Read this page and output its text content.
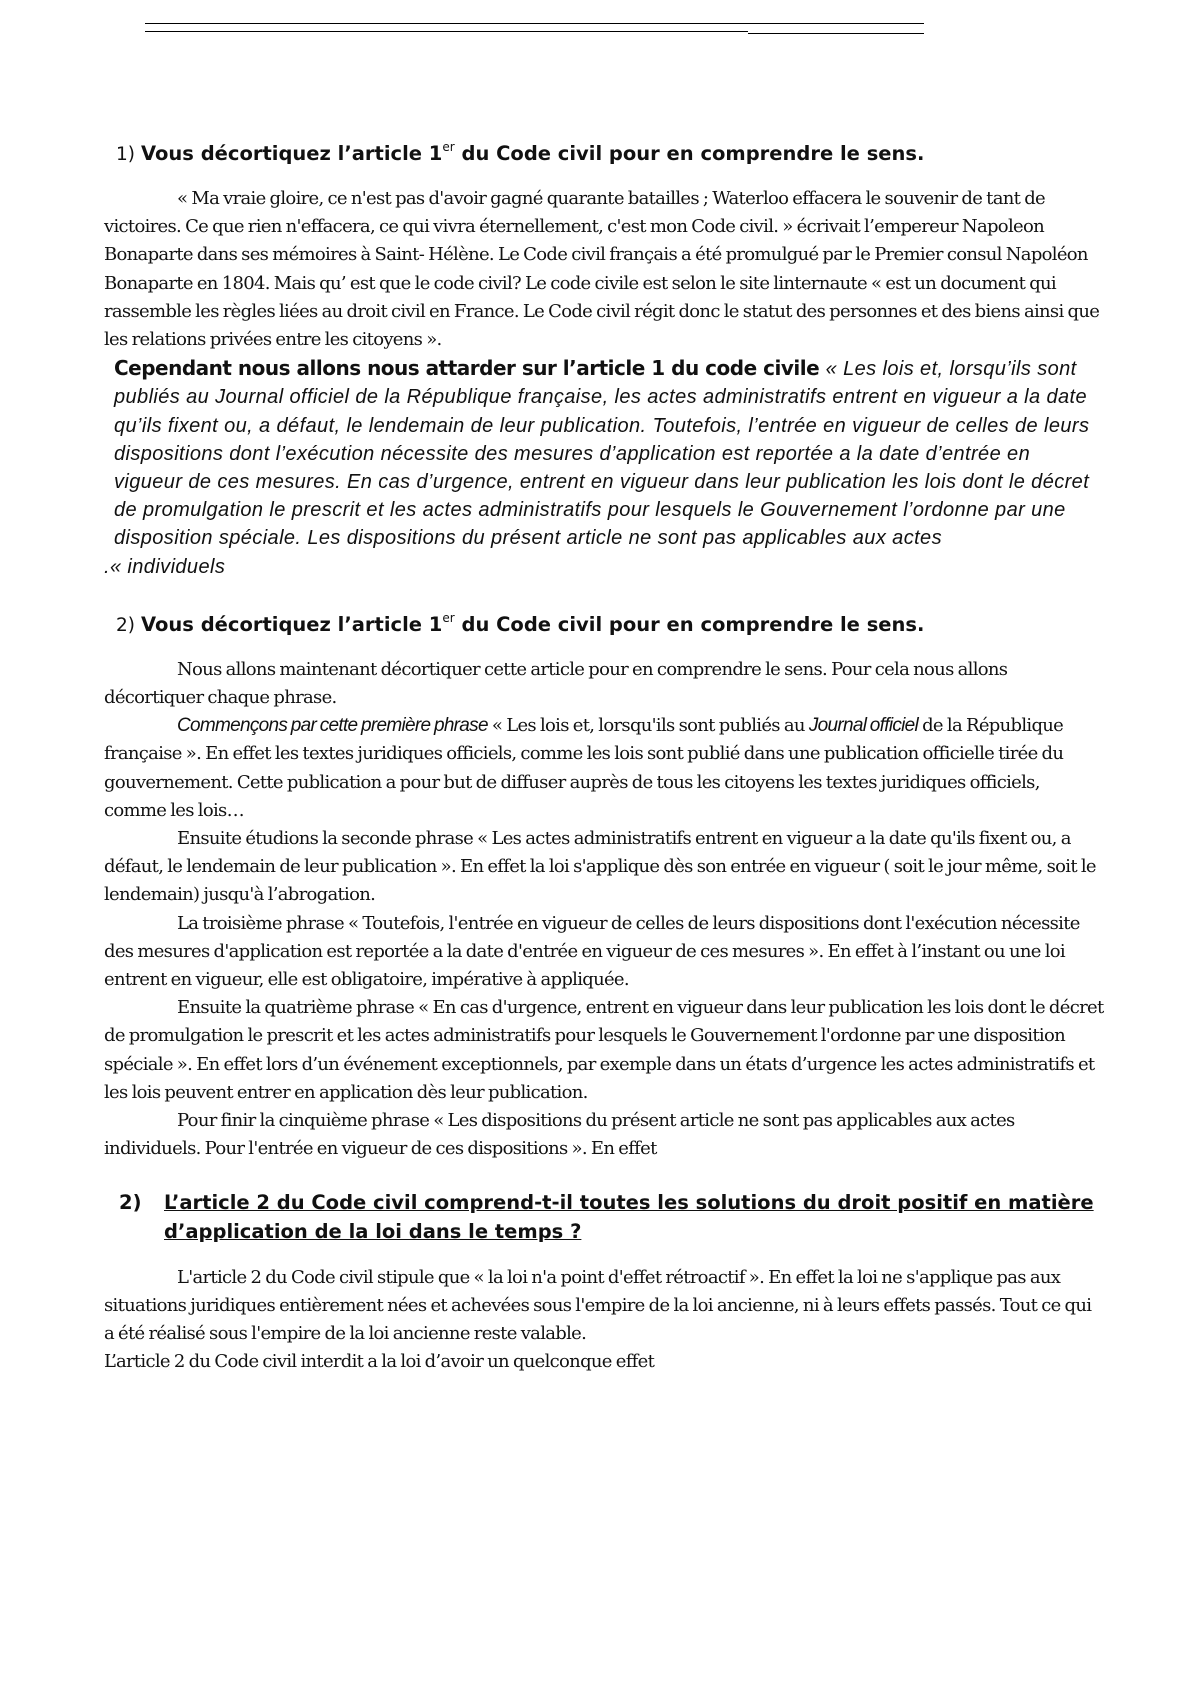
1) Vous décortiquez l’article 1er du Code civil pour en comprendre le sens.

« Ma vraie gloire, ce n'est pas d'avoir gagné quarante batailles ; Waterloo effacera le souvenir de tant de victoires. Ce que rien n'effacera, ce qui vivra éternellement, c'est mon Code civil. » écrivait l’empereur Napoleon Bonaparte dans ses mémoires à Saint- Hélène. Le Code civil français a été promulgué par le Premier consul Napoléon Bonaparte en 1804. Mais qu’ est que le code civil? Le code civile est selon le site linternaute « est un document qui rassemble les règles liées au droit civil en France. Le Code civil régit donc le statut des personnes et des biens ainsi que les relations privées entre les citoyens ».

Cependant nous allons nous attarder sur l’article 1 du code civile « Les lois et, lorsqu’ils sont publiés au Journal officiel de la République française, les actes administratifs entrent en vigueur a la date qu’ils fixent ou, a défaut, le lendemain de leur publication. Toutefois, l’entrée en vigueur de celles de leurs dispositions dont l’exécution nécessite des mesures d’application est reportée a la date d’entrée en vigueur de ces mesures. En cas d’urgence, entrent en vigueur dans leur publication les lois dont le décret de promulgation le prescrit et les actes administratifs pour lesquels le Gouvernement l’ordonne par une disposition spéciale. Les dispositions du présent article ne sont pas applicables aux actes
.« individuels

2) Vous décortiquez l’article 1er du Code civil pour en comprendre le sens.

Nous allons maintenant décortiquer cette article pour en comprendre le sens. Pour cela nous allons décortiquer chaque phrase.

Commençons par cette première phrase « Les lois et, lorsqu'ils sont publiés au Journal officiel de la République française ». En effet les textes juridiques officiels, comme les lois sont publié dans une publication officielle tirée du gouvernement. Cette publication a pour but de diffuser auprès de tous les citoyens les textes juridiques officiels, comme les lois…

Ensuite étudions la seconde phrase « Les actes administratifs entrent en vigueur a la date qu'ils fixent ou, a défaut, le lendemain de leur publication ». En effet la loi s'applique dès son entrée en vigueur ( soit le jour même, soit le lendemain) jusqu'à l’abrogation.

La troisième phrase « Toutefois, l'entrée en vigueur de celles de leurs dispositions dont l'exécution nécessite des mesures d'application est reportée a la date d'entrée en vigueur de ces mesures ». En effet à l’instant ou une loi entrent en vigueur, elle est obligatoire, impérative à appliquée.

Ensuite la quatrième phrase « En cas d'urgence, entrent en vigueur dans leur publication les lois dont le décret de promulgation le prescrit et les actes administratifs pour lesquels le Gouvernement l'ordonne par une disposition spéciale ». En effet lors d’un événement exceptionnels, par exemple dans un états d’urgence les actes administratifs et les lois peuvent entrer en application dès leur publication.

Pour finir la cinquième phrase « Les dispositions du présent article ne sont pas applicables aux actes individuels. Pour l'entrée en vigueur de ces dispositions ». En effet

2) L’article 2 du Code civil comprend-t-il toutes les solutions du droit positif en matière d’application de la loi dans le temps ?

L'article 2 du Code civil stipule que « la loi n'a point d'effet rétroactif ». En effet la loi ne s'applique pas aux situations juridiques entièrement nées et achevées sous l'empire de la loi ancienne, ni à leurs effets passés. Tout ce qui a été réalisé sous l'empire de la loi ancienne reste valable.

L’article 2 du Code civil interdit a la loi d’avoir un quelconque effet
